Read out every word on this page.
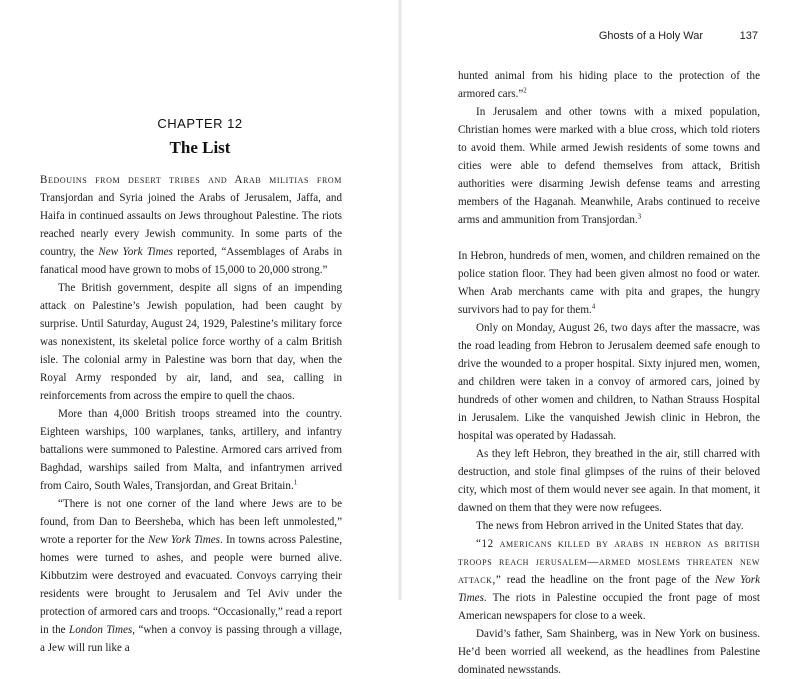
CHAPTER 12
The List

Bedouins from desert tribes and Arab militias from Transjordan and Syria joined the Arabs of Jerusalem, Jaffa, and Haifa in continued assaults on Jews throughout Palestine. The riots reached nearly every Jewish community. In some parts of the country, the New York Times reported, “Assemblages of Arabs in fanatical mood have grown to mobs of 15,000 to 20,000 strong.”

The British government, despite all signs of an impending attack on Palestine’s Jewish population, had been caught by surprise. Until Saturday, August 24, 1929, Palestine’s military force was nonexistent, its skeletal police force worthy of a calm British isle. The colonial army in Palestine was born that day, when the Royal Army responded by air, land, and sea, calling in reinforcements from across the empire to quell the chaos.

More than 4,000 British troops streamed into the country. Eighteen warships, 100 warplanes, tanks, artillery, and infantry battalions were summoned to Palestine. Armored cars arrived from Baghdad, warships sailed from Malta, and infantrymen arrived from Cairo, South Wales, Transjordan, and Great Britain.$^1$

“There is not one corner of the land where Jews are to be found, from Dan to Beersheba, which has been left unmolested,” wrote a reporter for the New York Times. In towns across Palestine, homes were turned to ashes, and people were burned alive. Kibbutzim were destroyed and evacuated. Convoys carrying their residents were brought to Jerusalem and Tel Aviv under the protection of armored cars and troops. “Occasionally,” read a report in the London Times, “when a convoy is passing through a village, a Jew will run like a

Ghosts of a Holy War	137

hunted animal from his hiding place to the protection of the armored cars.”$^2$

In Jerusalem and other towns with a mixed population, Christian homes were marked with a blue cross, which told rioters to avoid them. While armed Jewish residents of some towns and cities were able to defend themselves from attack, British authorities were disarming Jewish defense teams and arresting members of the Haganah. Meanwhile, Arabs continued to receive arms and ammunition from Transjordan.$^3$

In Hebron, hundreds of men, women, and children remained on the police station floor. They had been given almost no food or water. When Arab merchants came with pita and grapes, the hungry survivors had to pay for them.$^4$

Only on Monday, August 26, two days after the massacre, was the road leading from Hebron to Jerusalem deemed safe enough to drive the wounded to a proper hospital. Sixty injured men, women, and children were taken in a convoy of armored cars, joined by hundreds of other women and children, to Nathan Strauss Hospital in Jerusalem. Like the vanquished Jewish clinic in Hebron, the hospital was operated by Hadassah.

As they left Hebron, they breathed in the air, still charred with destruction, and stole final glimpses of the ruins of their beloved city, which most of them would never see again. In that moment, it dawned on them that they were now refugees.

The news from Hebron arrived in the United States that day.

“12 americans killed by arabs in hebron as british troops reach jerusalem—armed moslems threaten new attack,” read the headline on the front page of the New York Times. The riots in Palestine occupied the front page of most American newspapers for close to a week.

David’s father, Sam Shainberg, was in New York on business. He’d been worried all weekend, as the headlines from Palestine dominated newsstands.
